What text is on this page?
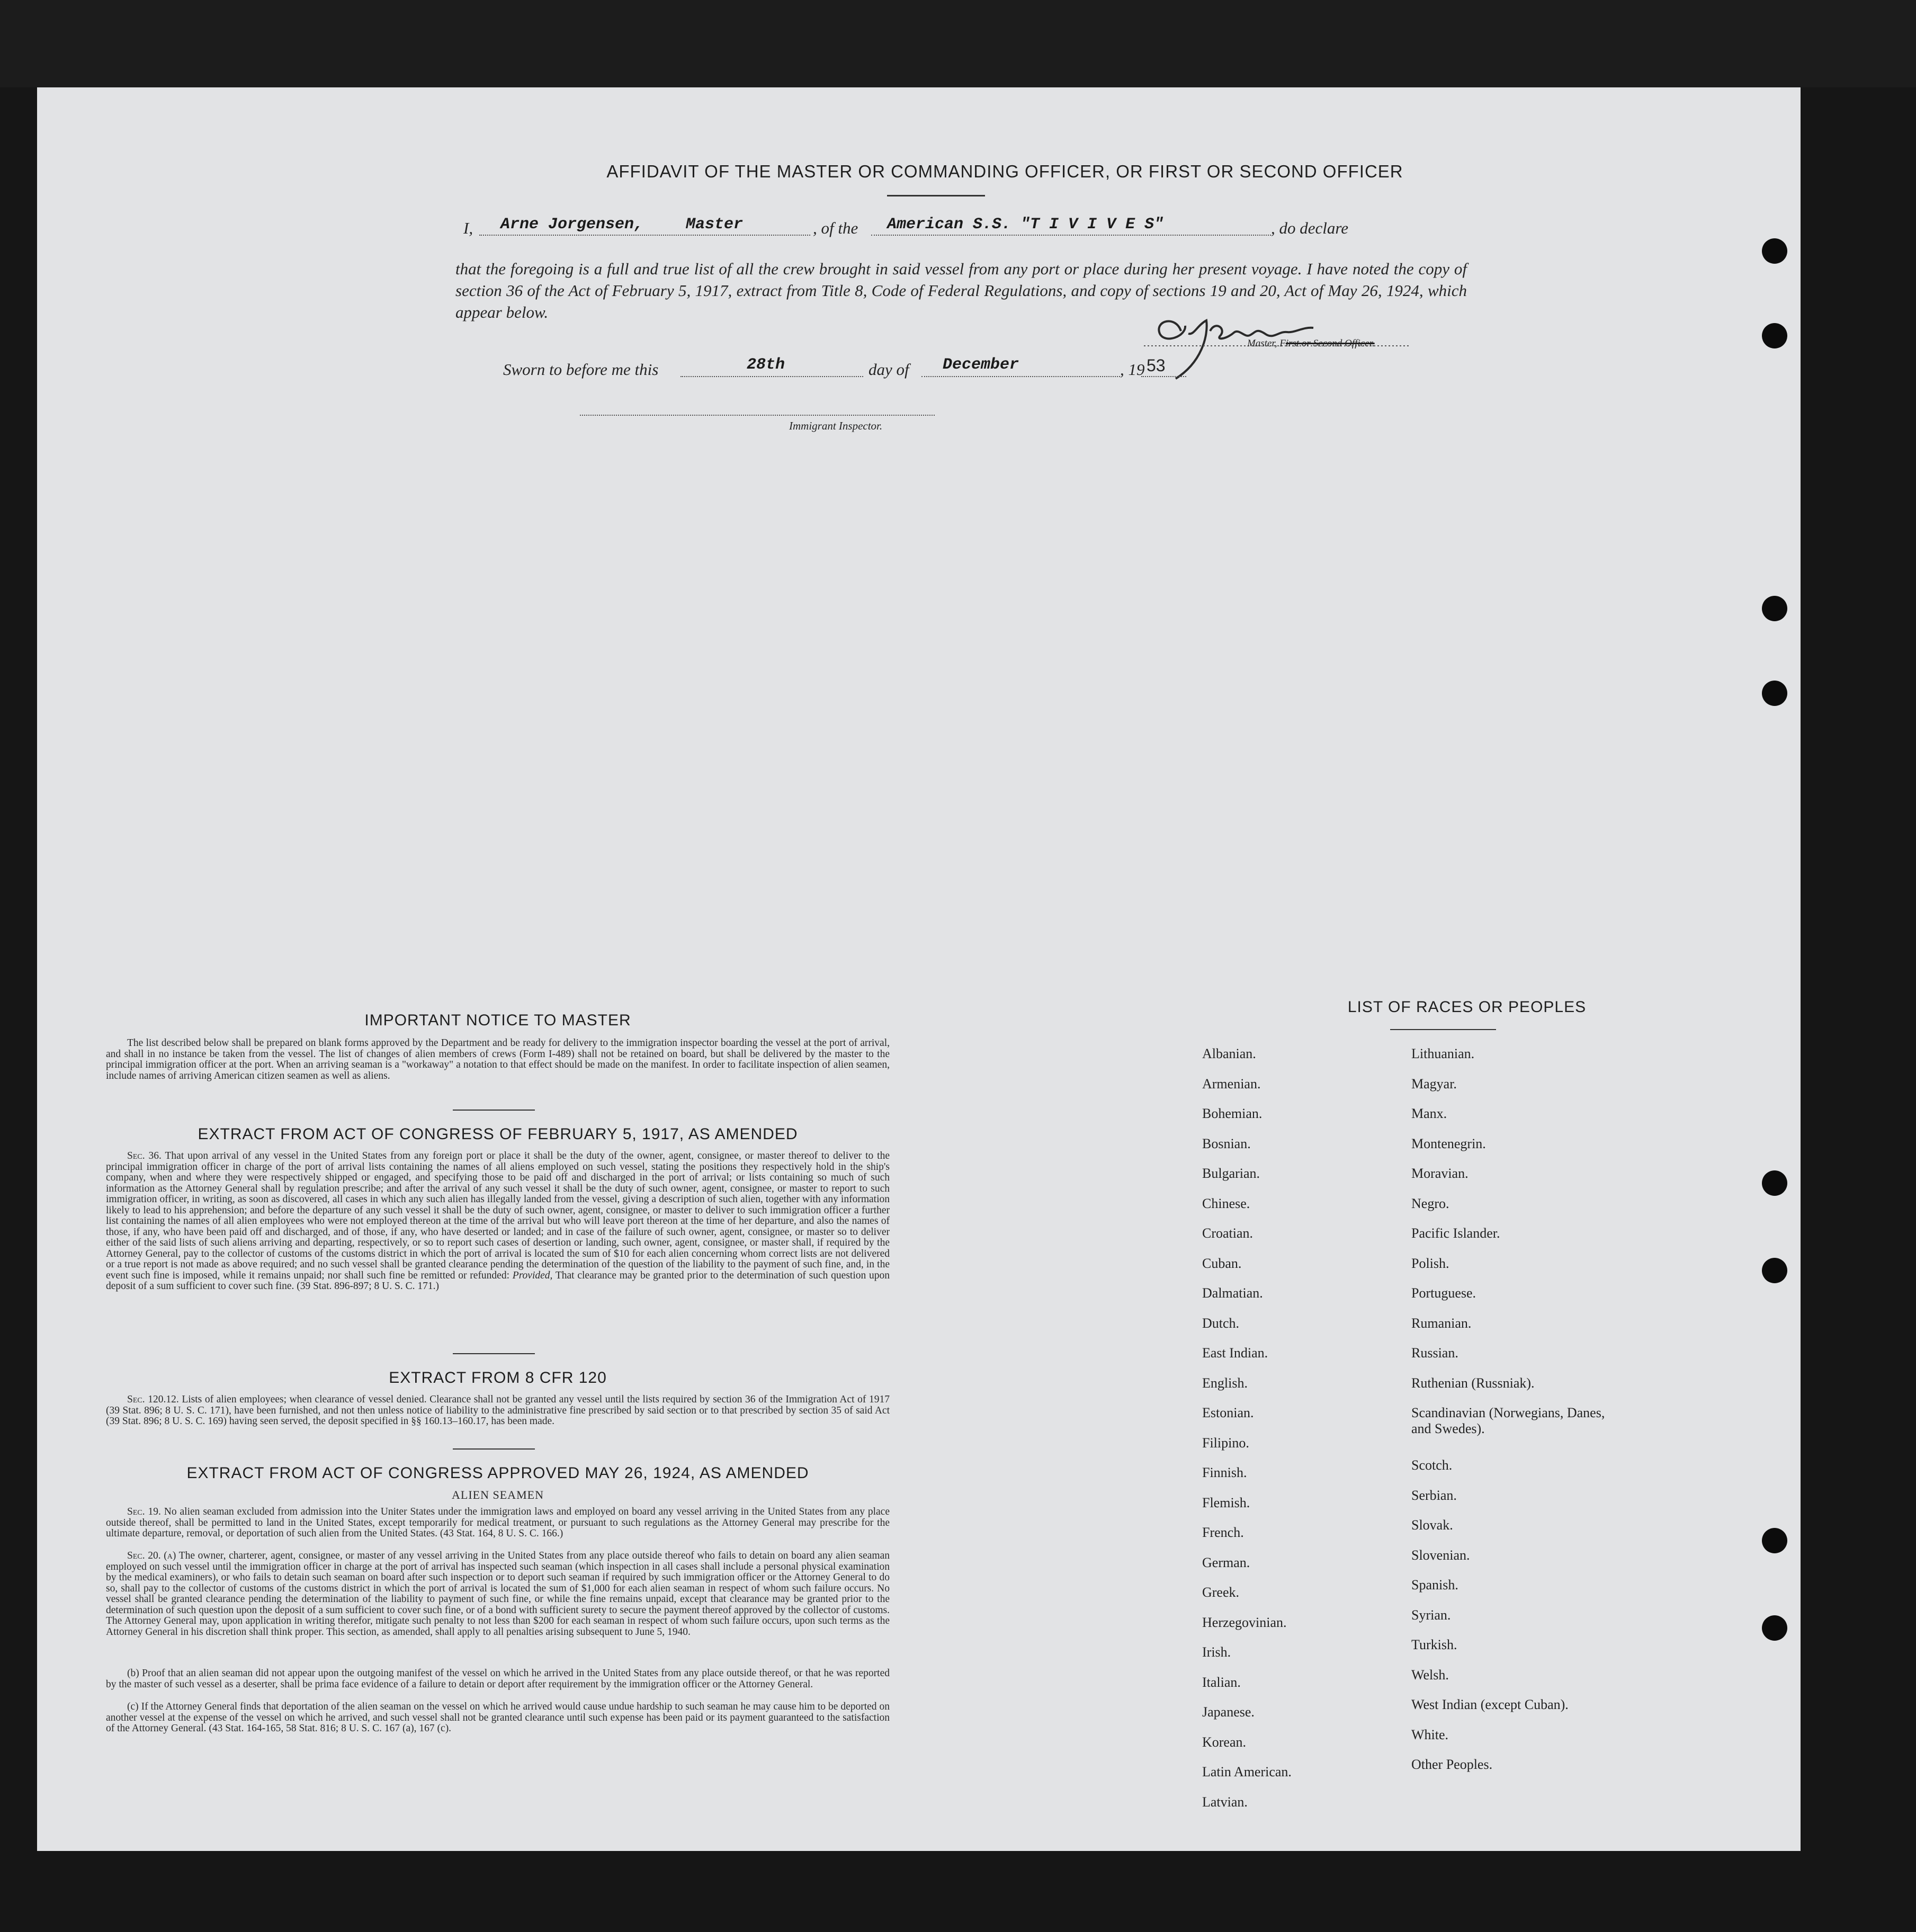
AFFIDAVIT OF THE MASTER OR COMMANDING OFFICER, OR FIRST OR SECOND OFFICER
I, Arne Jorgensen,	Master	, of the American S.S. "T I V I V E S"	, do declare
that the foregoing is a full and true list of all the crew brought in said vessel from any port or place during her present voyage. I have noted the copy of section 36 of the Act of February 5, 1917, extract from Title 8, Code of Federal Regulations, and copy of sections 19 and 20, Act of May 26, 1924, which appear below.
Master, First or Second Officer.
Sworn to before me this	28th	day of December	, 19 53
Immigrant Inspector.
IMPORTANT NOTICE TO MASTER
The list described below shall be prepared on blank forms approved by the Department and be ready for delivery to the immigration inspector boarding the vessel at the port of arrival, and shall in no instance be taken from the vessel. The list of changes of alien members of crews (Form I-489) shall not be retained on board, but shall be delivered by the master to the principal immigration officer at the port. When an arriving seaman is a "workaway" a notation to that effect should be made on the manifest. In order to facilitate inspection of alien seamen, include names of arriving American citizen seamen as well as aliens.
EXTRACT FROM ACT OF CONGRESS OF FEBRUARY 5, 1917, AS AMENDED
Sec. 36. That upon arrival of any vessel in the United States from any foreign port or place it shall be the duty of the owner, agent, consignee, or master thereof to deliver to the principal immigration officer in charge of the port of arrival lists containing the names of all aliens employed on such vessel, stating the positions they respectively hold in the ship's company, when and where they were respectively shipped or engaged, and specifying those to be paid off and discharged in the port of arrival; or lists containing so much of such information as the Attorney General shall by regulation prescribe; and after the arrival of any such vessel it shall be the duty of such owner, agent, consignee, or master to report to such immigration officer, in writing, as soon as discovered, all cases in which any such alien has illegally landed from the vessel, giving a description of such alien, together with any information likely to lead to his apprehension; and before the departure of any such vessel it shall be the duty of such owner, agent, consignee, or master to deliver to such immigration officer a further list containing the names of all alien employees who were not employed thereon at the time of the arrival but who will leave port thereon at the time of her departure, and also the names of those, if any, who have been paid off and discharged, and of those, if any, who have deserted or landed; and in case of the failure of such owner, agent, consignee, or master so to deliver either of the said lists of such aliens arriving and departing, respectively, or so to report such cases of desertion or landing, such owner, agent, consignee, or master shall, if required by the Attorney General, pay to the collector of customs of the customs district in which the port of arrival is located the sum of $10 for each alien concerning whom correct lists are not delivered or a true report is not made as above required; and no such vessel shall be granted clearance pending the determination of the question of the liability to the payment of such fine, and, in the event such fine is imposed, while it remains unpaid; nor shall such fine be remitted or refunded: Provided, That clearance may be granted prior to the determination of such question upon deposit of a sum sufficient to cover such fine. (39 Stat. 896-897; 8 U. S. C. 171.)
EXTRACT FROM 8 CFR 120
Sec. 120.12. Lists of alien employees; when clearance of vessel denied. Clearance shall not be granted any vessel until the lists required by section 36 of the Immigration Act of 1917 (39 Stat. 896; 8 U. S. C. 171), have been furnished, and not then unless notice of liability to the administrative fine prescribed by said section or to that prescribed by section 35 of said Act (39 Stat. 896; 8 U. S. C. 169) having seen served, the deposit specified in §§ 160.13–160.17, has been made.
EXTRACT FROM ACT OF CONGRESS APPROVED MAY 26, 1924, AS AMENDED
ALIEN SEAMEN
Sec. 19. No alien seaman excluded from admission into the Uniter States under the immigration laws and employed on board any vessel arriving in the United States from any place outside thereof, shall be permitted to land in the United States, except temporarily for medical treatment, or pursuant to such regulations as the Attorney General may prescribe for the ultimate departure, removal, or deportation of such alien from the United States. (43 Stat. 164, 8 U. S. C. 166.)
Sec. 20. (a) The owner, charterer, agent, consignee, or master of any vessel arriving in the United States from any place outside thereof who fails to detain on board any alien seaman employed on such vessel until the immigration officer in charge at the port of arrival has inspected such seaman (which inspection in all cases shall include a personal physical examination by the medical examiners), or who fails to detain such seaman on board after such inspection or to deport such seaman if required by such immigration officer or the Attorney General to do so, shall pay to the collector of customs of the customs district in which the port of arrival is located the sum of $1,000 for each alien seaman in respect of whom such failure occurs. No vessel shall be granted clearance pending the determination of the liability to payment of such fine, or while the fine remains unpaid, except that clearance may be granted prior to the determination of such question upon the deposit of a sum sufficient to cover such fine, or of a bond with sufficient surety to secure the payment thereof approved by the collector of customs. The Attorney General may, upon application in writing therefor, mitigate such penalty to not less than $200 for each seaman in respect of whom such failure occurs, upon such terms as the Attorney General in his discretion shall think proper. This section, as amended, shall apply to all penalties arising subsequent to June 5, 1940.
(b) Proof that an alien seaman did not appear upon the outgoing manifest of the vessel on which he arrived in the United States from any place outside thereof, or that he was reported by the master of such vessel as a deserter, shall be prima face evidence of a failure to detain or deport after requirement by the immigration officer or the Attorney General.
(c) If the Attorney General finds that deportation of the alien seaman on the vessel on which he arrived would cause undue hardship to such seaman he may cause him to be deported on another vessel at the expense of the vessel on which he arrived, and such vessel shall not be granted clearance until such expense has been paid or its payment guaranteed to the satisfaction of the Attorney General. (43 Stat. 164-165, 58 Stat. 816; 8 U. S. C. 167 (a), 167 (c).
LIST OF RACES OR PEOPLES
Albanian.
Armenian.
Bohemian.
Bosnian.
Bulgarian.
Chinese.
Croatian.
Cuban.
Dalmatian.
Dutch.
East Indian.
English.
Estonian.
Filipino.
Finnish.
Flemish.
French.
German.
Greek.
Herzegovinian.
Irish.
Italian.
Japanese.
Korean.
Latin American.
Latvian.
Lithuanian.
Magyar.
Manx.
Montenegrin.
Moravian.
Negro.
Pacific Islander.
Polish.
Portuguese.
Rumanian.
Russian.
Ruthenian (Russniak).
Scandinavian (Norwegians, Danes, and Swedes).
Scotch.
Serbian.
Slovak.
Slovenian.
Spanish.
Syrian.
Turkish.
Welsh.
West Indian (except Cuban).
White.
Other Peoples.
